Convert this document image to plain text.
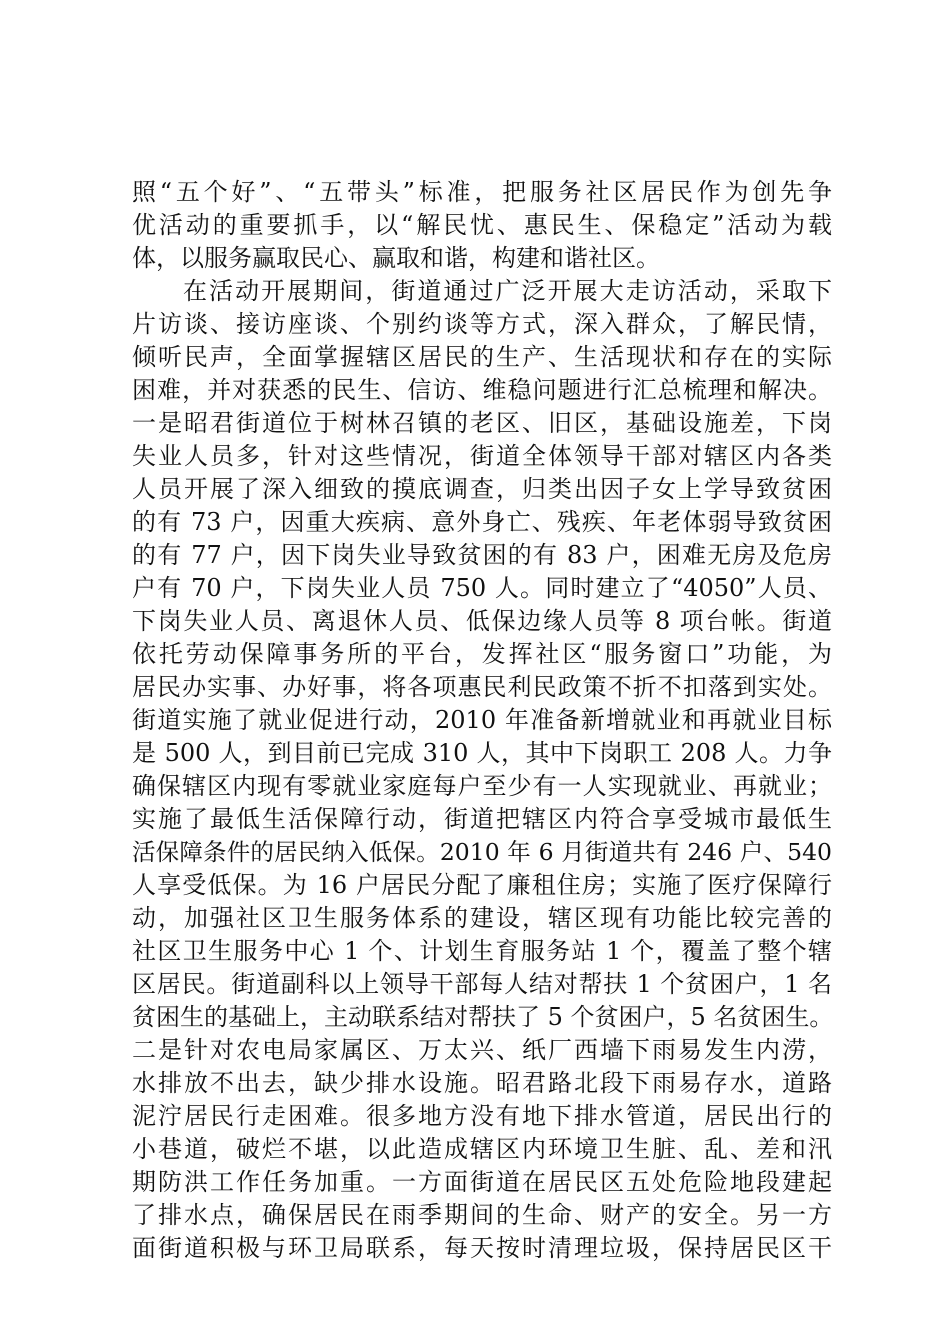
照“五个好”、“五带头”标准，把服务社区居民作为创先争
优活动的重要抓手，以“解民忧、惠民生、保稳定”活动为载
体，以服务赢取民心、赢取和谐，构建和谐社区。
在活动开展期间，街道通过广泛开展大走访活动，采取下
片访谈、接访座谈、个别约谈等方式，深入群众，了解民情，
倾听民声，全面掌握辖区居民的生产、生活现状和存在的实际
困难，并对获悉的民生、信访、维稳问题进行汇总梳理和解决。
一是昭君街道位于树林召镇的老区、旧区，基础设施差，下岗
失业人员多，针对这些情况，街道全体领导干部对辖区内各类
人员开展了深入细致的摸底调查，归类出因子女上学导致贫困
的有 73 户，因重大疾病、意外身亡、残疾、年老体弱导致贫困
的有 77 户，因下岗失业导致贫困的有 83 户，困难无房及危房
户有 70 户，下岗失业人员 750 人。同时建立了“4050”人员、
下岗失业人员、离退休人员、低保边缘人员等 8 项台帐。街道
依托劳动保障事务所的平台，发挥社区“服务窗口”功能，为
居民办实事、办好事，将各项惠民利民政策不折不扣落到实处。
街道实施了就业促进行动，2010 年准备新增就业和再就业目标
是 500 人，到目前已完成 310 人，其中下岗职工 208 人。力争
确保辖区内现有零就业家庭每户至少有一人实现就业、再就业；
实施了最低生活保障行动，街道把辖区内符合享受城市最低生
活保障条件的居民纳入低保。2010 年 6 月街道共有 246 户、540
人享受低保。为 16 户居民分配了廉租住房；实施了医疗保障行
动，加强社区卫生服务体系的建设，辖区现有功能比较完善的
社区卫生服务中心 1 个、计划生育服务站 1 个，覆盖了整个辖
区居民。街道副科以上领导干部每人结对帮扶 1 个贫困户，1 名
贫困生的基础上，主动联系结对帮扶了 5 个贫困户，5 名贫困生。
二是针对农电局家属区、万太兴、纸厂西墙下雨易发生内涝，
水排放不出去，缺少排水设施。昭君路北段下雨易存水，道路
泥泞居民行走困难。很多地方没有地下排水管道，居民出行的
小巷道，破烂不堪，以此造成辖区内环境卫生脏、乱、差和汛
期防洪工作任务加重。一方面街道在居民区五处危险地段建起
了排水点，确保居民在雨季期间的生命、财产的安全。另一方
面街道积极与环卫局联系，每天按时清理垃圾，保持居民区干
